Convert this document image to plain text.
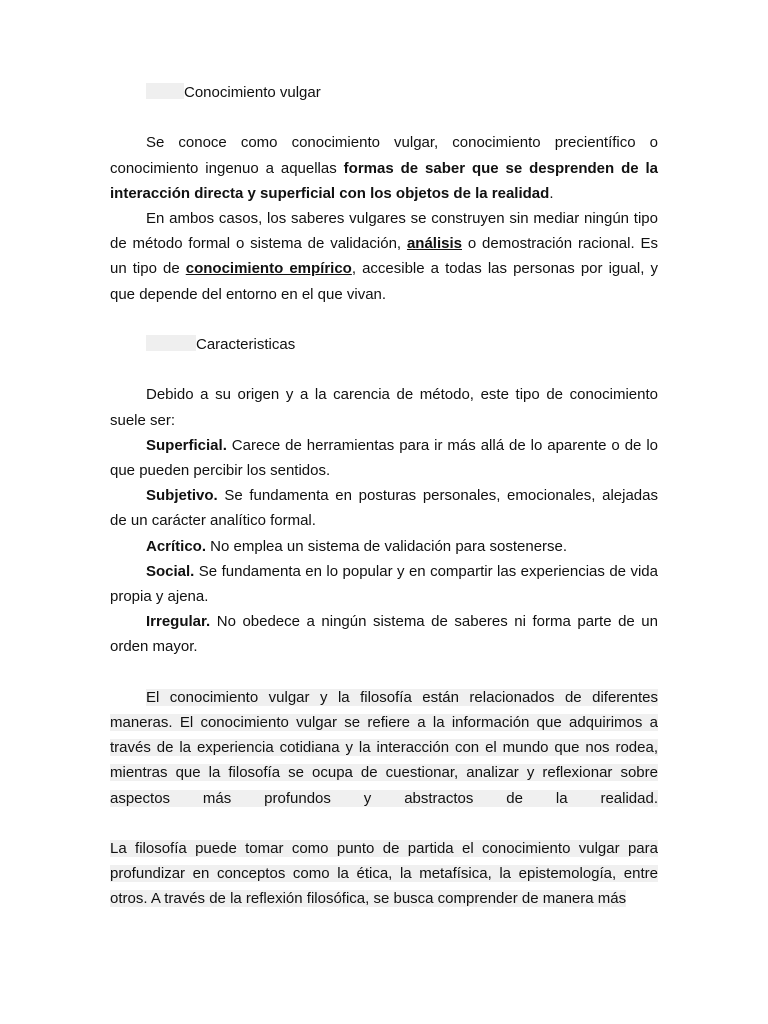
Conocimiento vulgar

Se conoce como conocimiento vulgar, conocimiento precientífico o conocimiento ingenuo a aquellas formas de saber que se desprenden de la interacción directa y superficial con los objetos de la realidad.

En ambos casos, los saberes vulgares se construyen sin mediar ningún tipo de método formal o sistema de validación, análisis o demostración racional. Es un tipo de conocimiento empírico, accesible a todas las personas por igual, y que depende del entorno en el que vivan.

Caracteristicas

Debido a su origen y a la carencia de método, este tipo de conocimiento suele ser:

Superficial. Carece de herramientas para ir más allá de lo aparente o de lo que pueden percibir los sentidos.

Subjetivo. Se fundamenta en posturas personales, emocionales, alejadas de un carácter analítico formal.

Acrítico. No emplea un sistema de validación para sostenerse.

Social. Se fundamenta en lo popular y en compartir las experiencias de vida propia y ajena.

Irregular. No obedece a ningún sistema de saberes ni forma parte de un orden mayor.

El conocimiento vulgar y la filosofía están relacionados de diferentes maneras. El conocimiento vulgar se refiere a la información que adquirimos a través de la experiencia cotidiana y la interacción con el mundo que nos rodea, mientras que la filosofía se ocupa de cuestionar, analizar y reflexionar sobre aspectos más profundos y abstractos de la realidad.

La filosofía puede tomar como punto de partida el conocimiento vulgar para profundizar en conceptos como la ética, la metafísica, la epistemología, entre otros. A través de la reflexión filosófica, se busca comprender de manera más
